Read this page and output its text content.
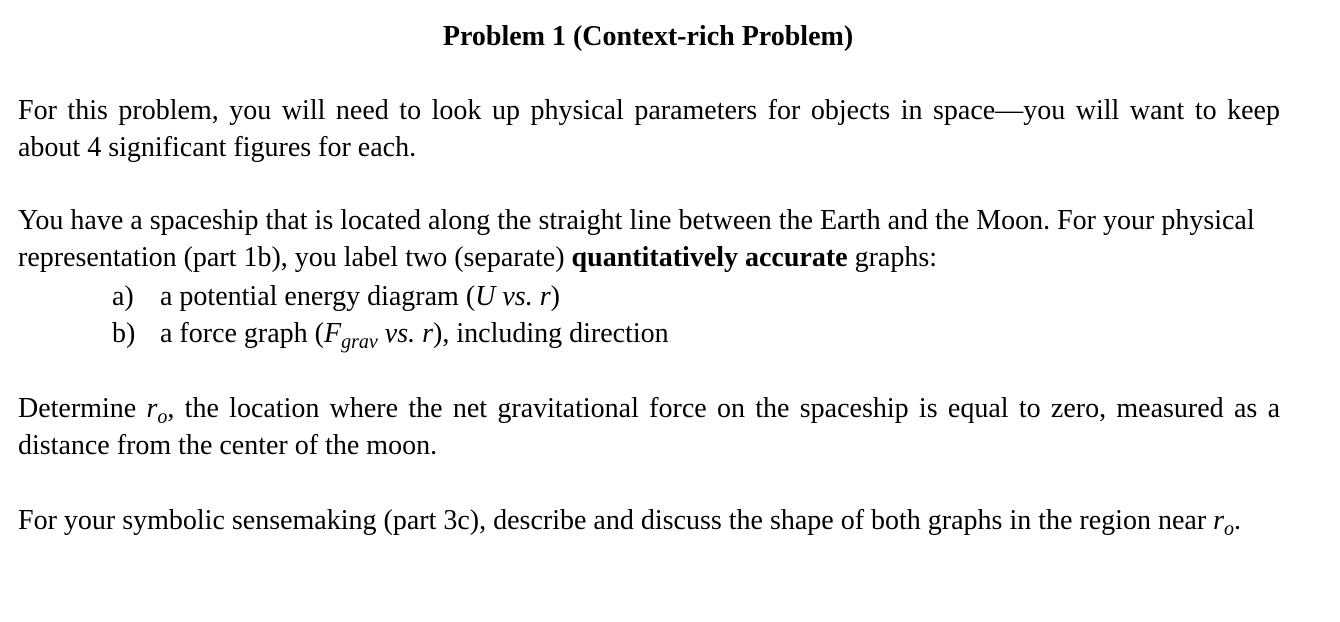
Problem 1 (Context-rich Problem)
For this problem, you will need to look up physical parameters for objects in space—you will want to keep about 4 significant figures for each.
You have a spaceship that is located along the straight line between the Earth and the Moon. For your physical representation (part 1b), you label two (separate) quantitatively accurate graphs:
a) a potential energy diagram (U vs. r)
b) a force graph ($F_{grav}$ vs. r), including direction
Determine $r_o$, the location where the net gravitational force on the spaceship is equal to zero, measured as a distance from the center of the moon.
For your symbolic sensemaking (part 3c), describe and discuss the shape of both graphs in the region near $r_o$.
